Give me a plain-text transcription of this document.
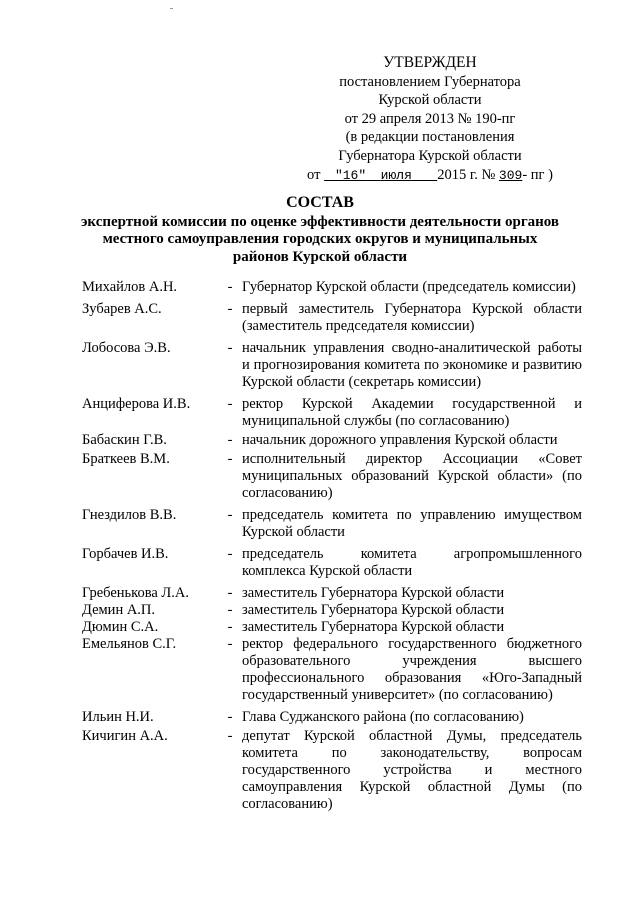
УТВЕРЖДЕН
постановлением Губернатора
Курской области
от 29 апреля 2013 № 190-пг
(в редакции постановления
Губернатора Курской области
от "16" июля 2015 г. № 309- пг )
СОСТАВ
экспертной комиссии по оценке эффективности деятельности органов
местного самоуправления городских округов и муниципальных
районов Курской области
Михайлов А.Н.	- Губернатор Курской области (председатель комиссии)
Зубарев А.С.	- первый заместитель Губернатора Курской области (заместитель председателя комиссии)
Лобосова Э.В.	- начальник управления сводно-аналитической работы и прогнозирования комитета по экономике и развитию Курской области (секретарь комиссии)
Анциферова И.В.	- ректор Курской Академии государственной и муниципальной службы (по согласованию)
Бабаскин Г.В.	- начальник дорожного управления Курской области
Браткеев В.М.	- исполнительный директор Ассоциации «Совет муниципальных образований Курской области» (по согласованию)
Гнездилов В.В.	- председатель комитета по управлению имуществом Курской области
Горбачев И.В.	- председатель комитета агропромышленного комплекса Курской области
Гребенькова Л.А.	- заместитель Губернатора Курской области
Демин А.П.	- заместитель Губернатора Курской области
Дюмин С.А.	- заместитель Губернатора Курской области
Емельянов С.Г.	- ректор федерального государственного бюджетного образовательного учреждения высшего профессионального образования «Юго-Западный государственный университет» (по согласованию)
Ильин Н.И.	- Глава Суджанского района (по согласованию)
Кичигин А.А.	- депутат Курской областной Думы, председатель комитета по законодательству, вопросам государственного устройства и местного самоуправления Курской областной Думы (по согласованию)
